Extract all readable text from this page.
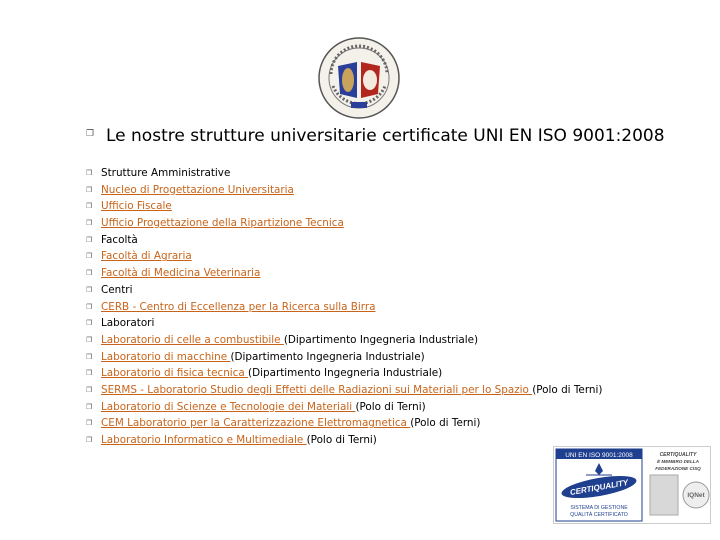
❐ Le nostre strutture universitarie certificate UNI EN ISO 9001:2008
❐ Strutture Amministrative
❐ Nucleo di Progettazione Universitaria
❐ Ufficio Fiscale
❐ Ufficio Progettazione della Ripartizione Tecnica
❐ Facoltà
❐ Facoltà di Agraria
❐ Facoltà di Medicina Veterinaria
❐ Centri
❐ CERB - Centro di Eccellenza per la Ricerca sulla Birra
❐ Laboratori
❐ Laboratorio di celle a combustibile (Dipartimento Ingegneria Industriale)
❐ Laboratorio di macchine (Dipartimento Ingegneria Industriale)
❐ Laboratorio di fisica tecnica (Dipartimento Ingegneria Industriale)
❐ SERMS - Laboratorio Studio degli Effetti delle Radiazioni sui Materiali per lo Spazio (Polo di Terni)
❐ Laboratorio di Scienze e Tecnologie dei Materiali (Polo di Terni)
❐ CEM Laboratorio per la Caratterizzazione Elettromagnetica (Polo di Terni)
❐ Laboratorio Informatico e Multimediale (Polo di Terni)
UNI EN ISO 9001:2008
CERTIQUALITY
SISTEMA DI GESTIONE
QUALITÀ CERTIFICATO
CERTIQUALITY
È MEMBRO DELLA
FEDERAZIONE CISQ
IQNet
